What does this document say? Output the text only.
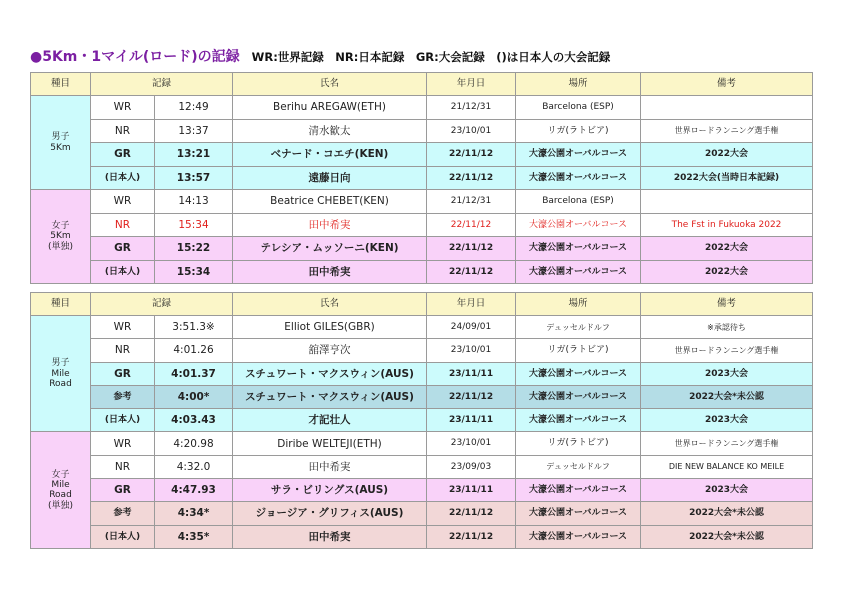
●5Km・1マイル(ロード)の記録 WR:世界記録　NR:日本記録　GR:大会記録　()は日本人の大会記録
種目	記録		氏名	年月日	場所	備考
男子
5Km	WR	12:49	Berihu AREGAW(ETH)	21/12/31	Barcelona (ESP)	
	NR	13:37	清水歓太	23/10/01	リガ(ラトビア)	世界ロードランニング選手権
	GR	13:21	ベナード・コエチ(KEN)	22/11/12	大濠公園オーバルコース	2022大会
	(日本人)	13:57	遠藤日向	22/11/12	大濠公園オーバルコース	2022大会(当時日本記録)
女子
5Km
(単独)	WR	14:13	Beatrice CHEBET(KEN)	21/12/31	Barcelona (ESP)	
	NR	15:34	田中希実	22/11/12	大濠公園オーバルコース	The Fst in Fukuoka 2022
	GR	15:22	テレシア・ムッソーニ(KEN)	22/11/12	大濠公園オーバルコース	2022大会
	(日本人)	15:34	田中希実	22/11/12	大濠公園オーバルコース	2022大会
種目	記録		氏名	年月日	場所	備考
男子
Mile
Road	WR	3:51.3※	Elliot GILES(GBR)	24/09/01	デュッセルドルフ	※承認待ち
	NR	4:01.26	舘澤亨次	23/10/01	リガ(ラトビア)	世界ロードランニング選手権
	GR	4:01.37	スチュワート・マクスウィン(AUS)	23/11/11	大濠公園オーバルコース	2023大会
	参考	4:00*	スチュワート・マクスウィン(AUS)	22/11/12	大濠公園オーバルコース	2022大会*未公認
	(日本人)	4:03.43	才記壮人	23/11/11	大濠公園オーバルコース	2023大会
女子
Mile
Road
(単独)	WR	4:20.98	Diribe WELTEJI(ETH)	23/10/01	リガ(ラトビア)	世界ロードランニング選手権
	NR	4:32.0	田中希実	23/09/03	デュッセルドルフ	DIE NEW BALANCE KO MEILE
	GR	4:47.93	サラ・ビリングス(AUS)	23/11/11	大濠公園オーバルコース	2023大会
	参考	4:34*	ジョージア・グリフィス(AUS)	22/11/12	大濠公園オーバルコース	2022大会*未公認
	(日本人)	4:35*	田中希実	22/11/12	大濠公園オーバルコース	2022大会*未公認
